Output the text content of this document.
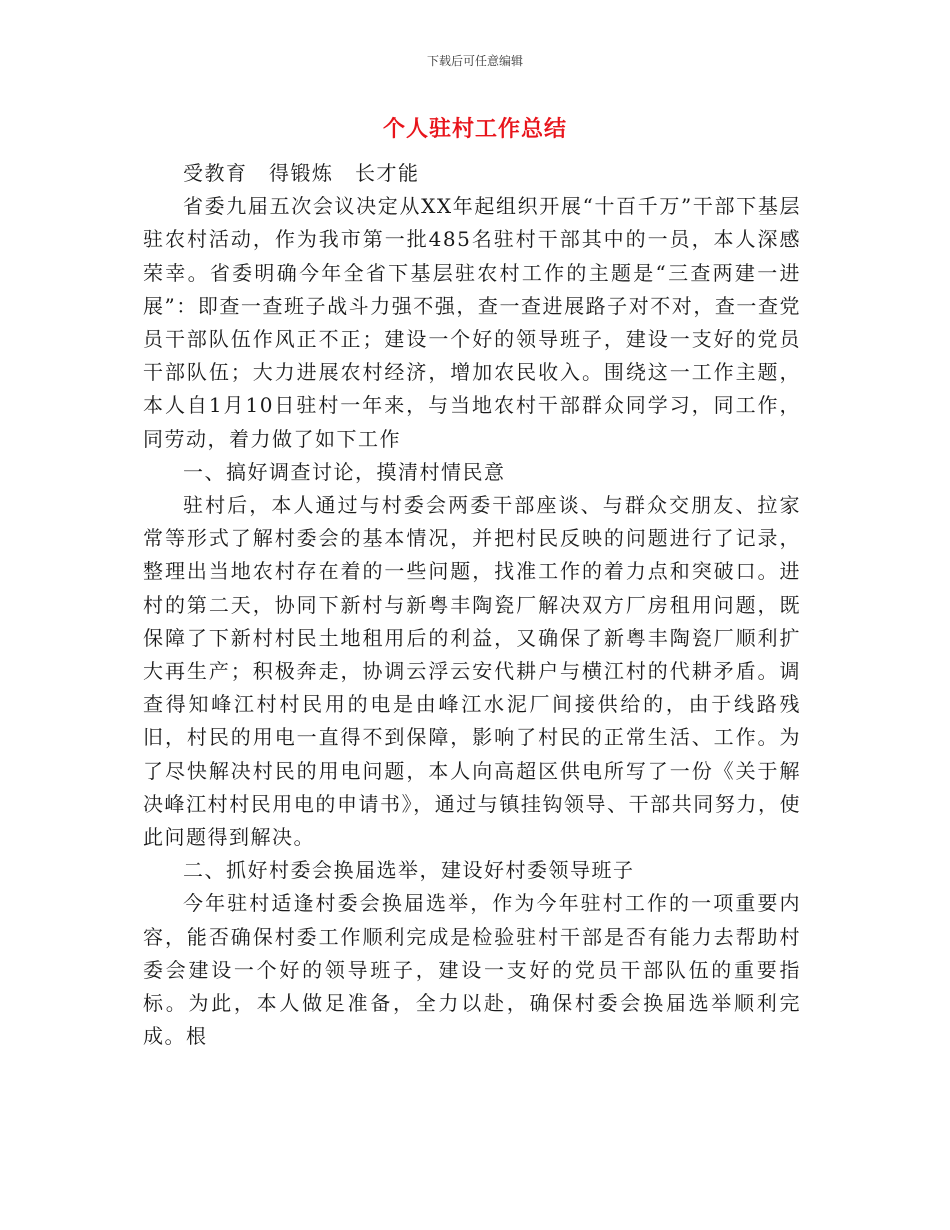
下载后可任意编辑
个人驻村工作总结

受教育　得锻炼　长才能

省委九届五次会议决定从XX年起组织开展“十百千万”干部下基层驻农村活动，作为我市第一批485名驻村干部其中的一员，本人深感荣幸。省委明确今年全省下基层驻农村工作的主题是“三查两建一进展”：即查一查班子战斗力强不强，查一查进展路子对不对，查一查党员干部队伍作风正不正；建设一个好的领导班子，建设一支好的党员干部队伍；大力进展农村经济，增加农民收入。围绕这一工作主题，本人自1月10日驻村一年来，与当地农村干部群众同学习，同工作，同劳动，着力做了如下工作

一、搞好调查讨论，摸清村情民意

驻村后，本人通过与村委会两委干部座谈、与群众交朋友、拉家常等形式了解村委会的基本情况，并把村民反映的问题进行了记录，整理出当地农村存在着的一些问题，找准工作的着力点和突破口。进村的第二天，协同下新村与新粤丰陶瓷厂解决双方厂房租用问题，既保障了下新村村民土地租用后的利益，又确保了新粤丰陶瓷厂顺利扩大再生产；积极奔走，协调云浮云安代耕户与横江村的代耕矛盾。调查得知峰江村村民用的电是由峰江水泥厂间接供给的，由于线路残旧，村民的用电一直得不到保障，影响了村民的正常生活、工作。为了尽快解决村民的用电问题，本人向高超区供电所写了一份《关于解决峰江村村民用电的申请书》，通过与镇挂钩领导、干部共同努力，使此问题得到解决。

二、抓好村委会换届选举，建设好村委领导班子

今年驻村适逢村委会换届选举，作为今年驻村工作的一项重要内容，能否确保村委工作顺利完成是检验驻村干部是否有能力去帮助村委会建设一个好的领导班子，建设一支好的党员干部队伍的重要指标。为此，本人做足准备，全力以赴，确保村委会换届选举顺利完成。根
